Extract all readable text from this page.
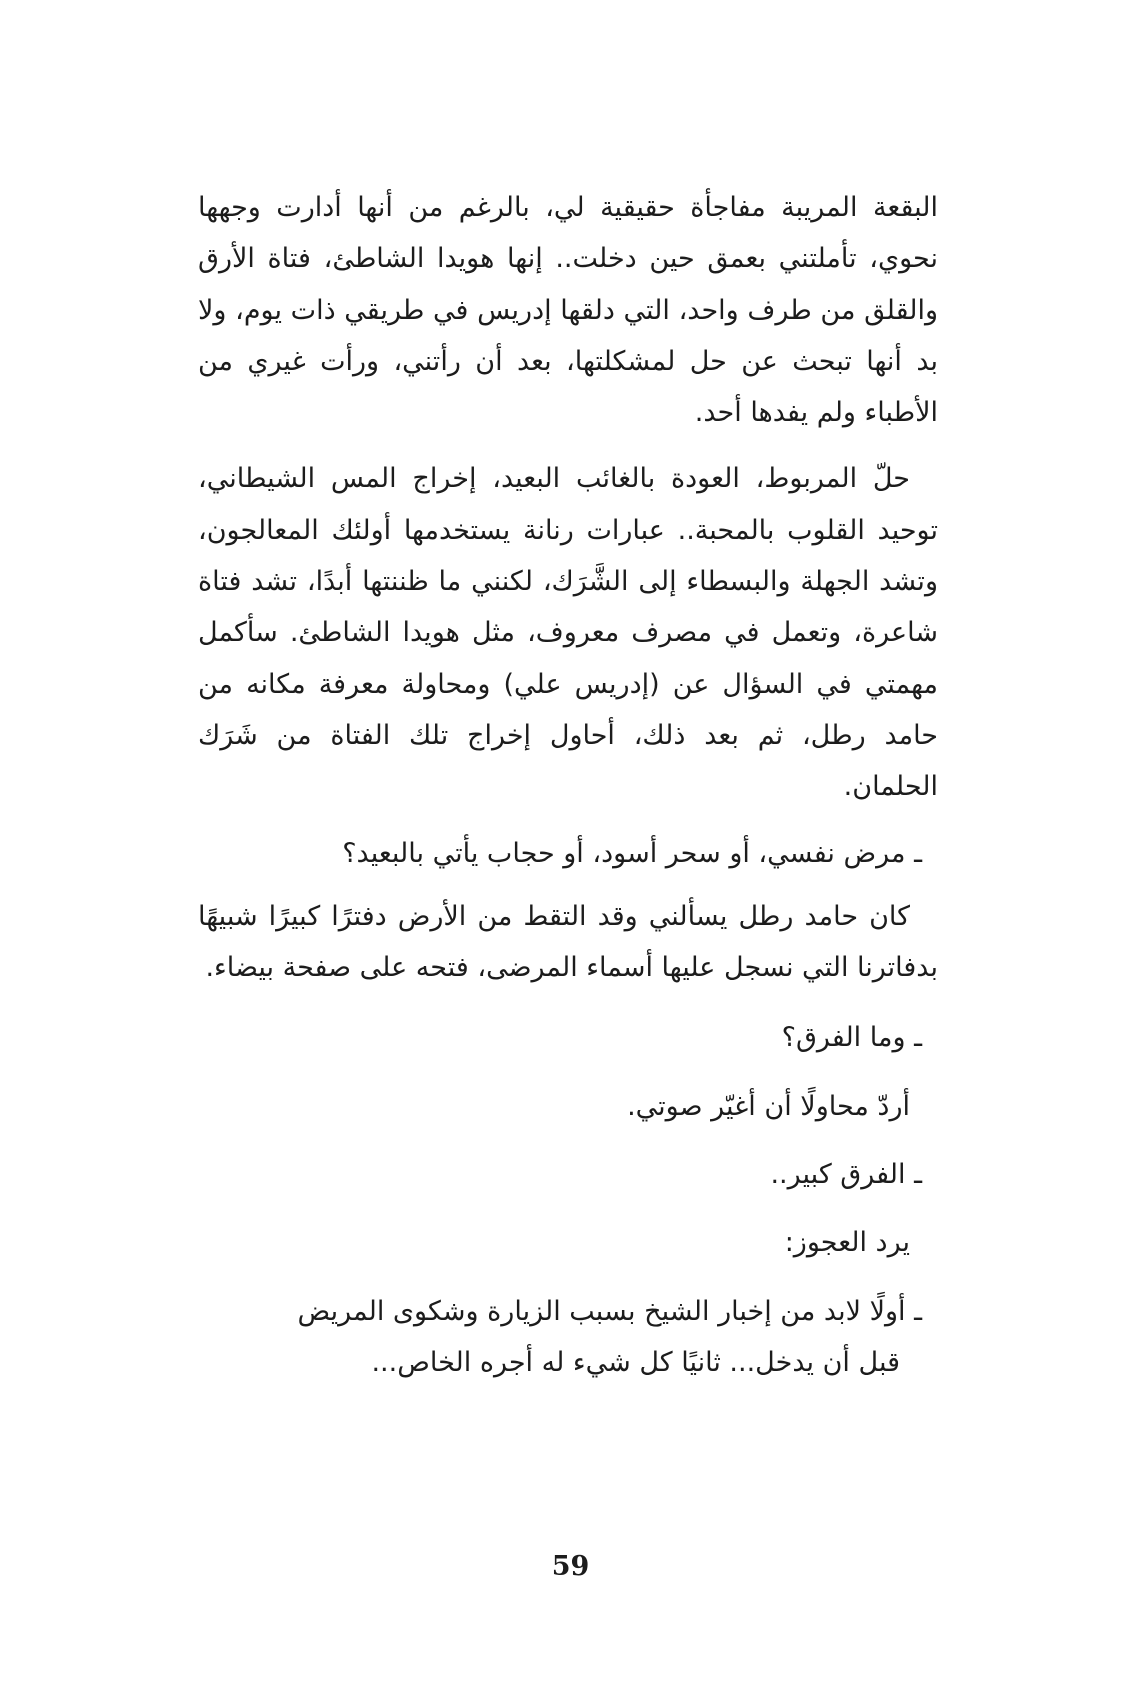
البقعة المريبة مفاجأة حقيقية لي، بالرغم من أنها أدارت وجهها نحوي، تأملتني بعمق حين دخلت.. إنها هويدا الشاطئ، فتاة الأرق والقلق من طرف واحد، التي دلقها إدريس في طريقي ذات يوم، ولا بد أنها تبحث عن حل لمشكلتها، بعد أن رأتني، ورأت غيري من الأطباء ولم يفدها أحد.

حلّ المربوط، العودة بالغائب البعيد، إخراج المس الشيطاني، توحيد القلوب بالمحبة.. عبارات رنانة يستخدمها أولئك المعالجون، وتشد الجهلة والبسطاء إلى الشَّرَك، لكنني ما ظننتها أبدًا، تشد فتاة شاعرة، وتعمل في مصرف معروف، مثل هويدا الشاطئ. سأكمل مهمتي في السؤال عن (إدريس علي) ومحاولة معرفة مكانه من حامد رطل، ثم بعد ذلك، أحاول إخراج تلك الفتاة من شَرَك الحلمان.

ـ مرض نفسي، أو سحر أسود، أو حجاب يأتي بالبعيد؟

كان حامد رطل يسألني وقد التقط من الأرض دفترًا كبيرًا شبيهًا بدفاترنا التي نسجل عليها أسماء المرضى، فتحه على صفحة بيضاء.

ـ وما الفرق؟

أردّ محاولًا أن أغيّر صوتي.

ـ الفرق كبير..

يرد العجوز:

ـ أولًا لابد من إخبار الشيخ بسبب الزيارة وشكوى المريض
قبل أن يدخل... ثانيًا كل شيء له أجره الخاص...

59
